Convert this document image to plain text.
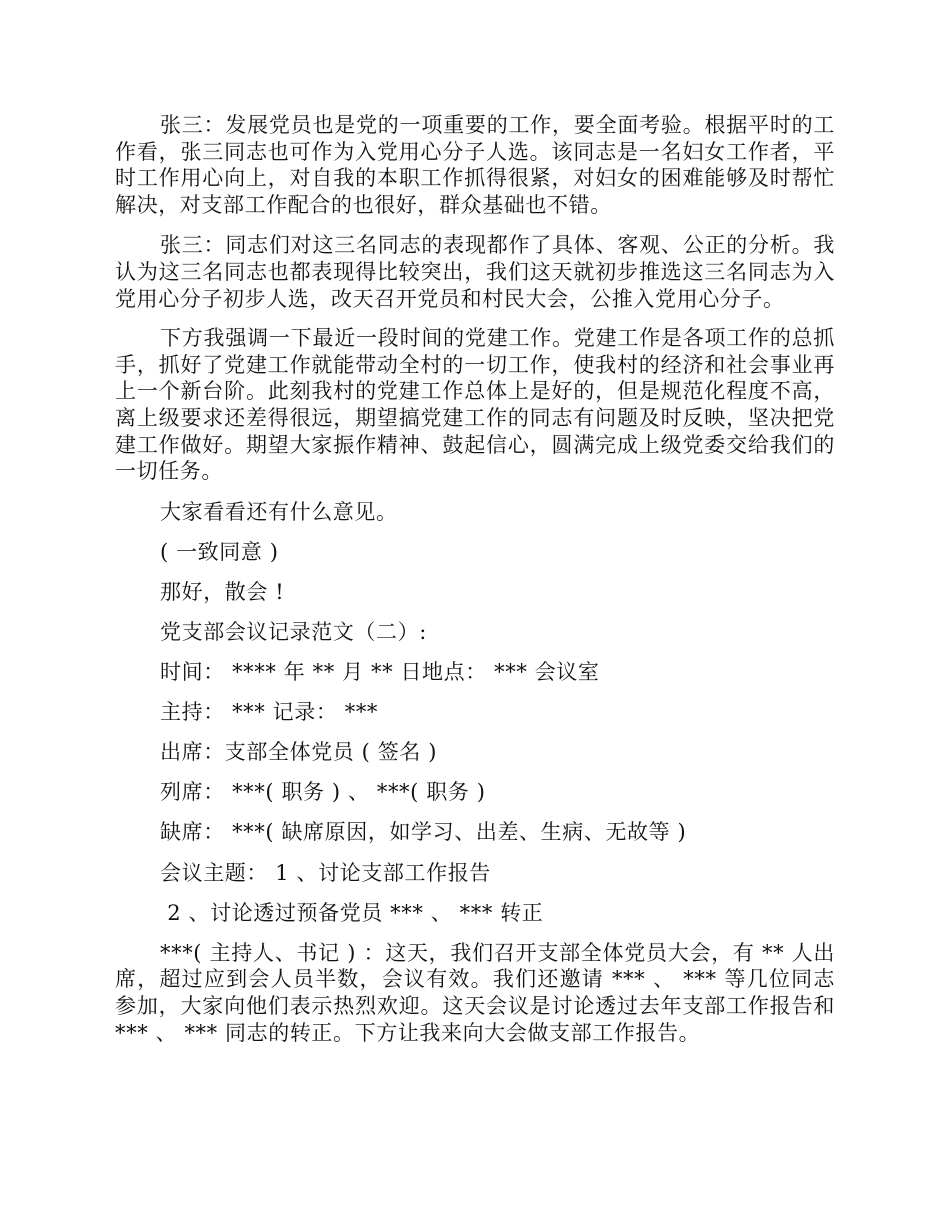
张三：发展党员也是党的一项重要的工作，要全面考验。根据平时的工作看，张三同志也可作为入党用心分子人选。该同志是一名妇女工作者，平时工作用心向上，对自我的本职工作抓得很紧，对妇女的困难能够及时帮忙解决，对支部工作配合的也很好，群众基础也不错。

张三：同志们对这三名同志的表现都作了具体、客观、公正的分析。我认为这三名同志也都表现得比较突出，我们这天就初步推选这三名同志为入党用心分子初步人选，改天召开党员和村民大会，公推入党用心分子。

下方我强调一下最近一段时间的党建工作。党建工作是各项工作的总抓手，抓好了党建工作就能带动全村的一切工作，使我村的经济和社会事业再上一个新台阶。此刻我村的党建工作总体上是好的，但是规范化程度不高，离上级要求还差得很远，期望搞党建工作的同志有问题及时反映，坚决把党建工作做好。期望大家振作精神、鼓起信心，圆满完成上级党委交给我们的一切任务。

大家看看还有什么意见。

( 一致同意 )

那好，散会 !

党支部会议记录范文（二）:

时间： **** 年 ** 月 ** 日地点： *** 会议室

主持： *** 记录： ***

出席：支部全体党员 ( 签名 )

列席： ***( 职务 ) 、 ***( 职务 )

缺席： ***( 缺席原因，如学习、出差、生病、无故等 )

会议主题： 1 、讨论支部工作报告

2 、讨论透过预备党员 *** 、 *** 转正

***( 主持人、书记 ) ：这天，我们召开支部全体党员大会，有 ** 人出席，超过应到会人员半数，会议有效。我们还邀请 *** 、 *** 等几位同志参加，大家向他们表示热烈欢迎。这天会议是讨论透过去年支部工作报告和 *** 、 *** 同志的转正。下方让我来向大会做支部工作报告。
